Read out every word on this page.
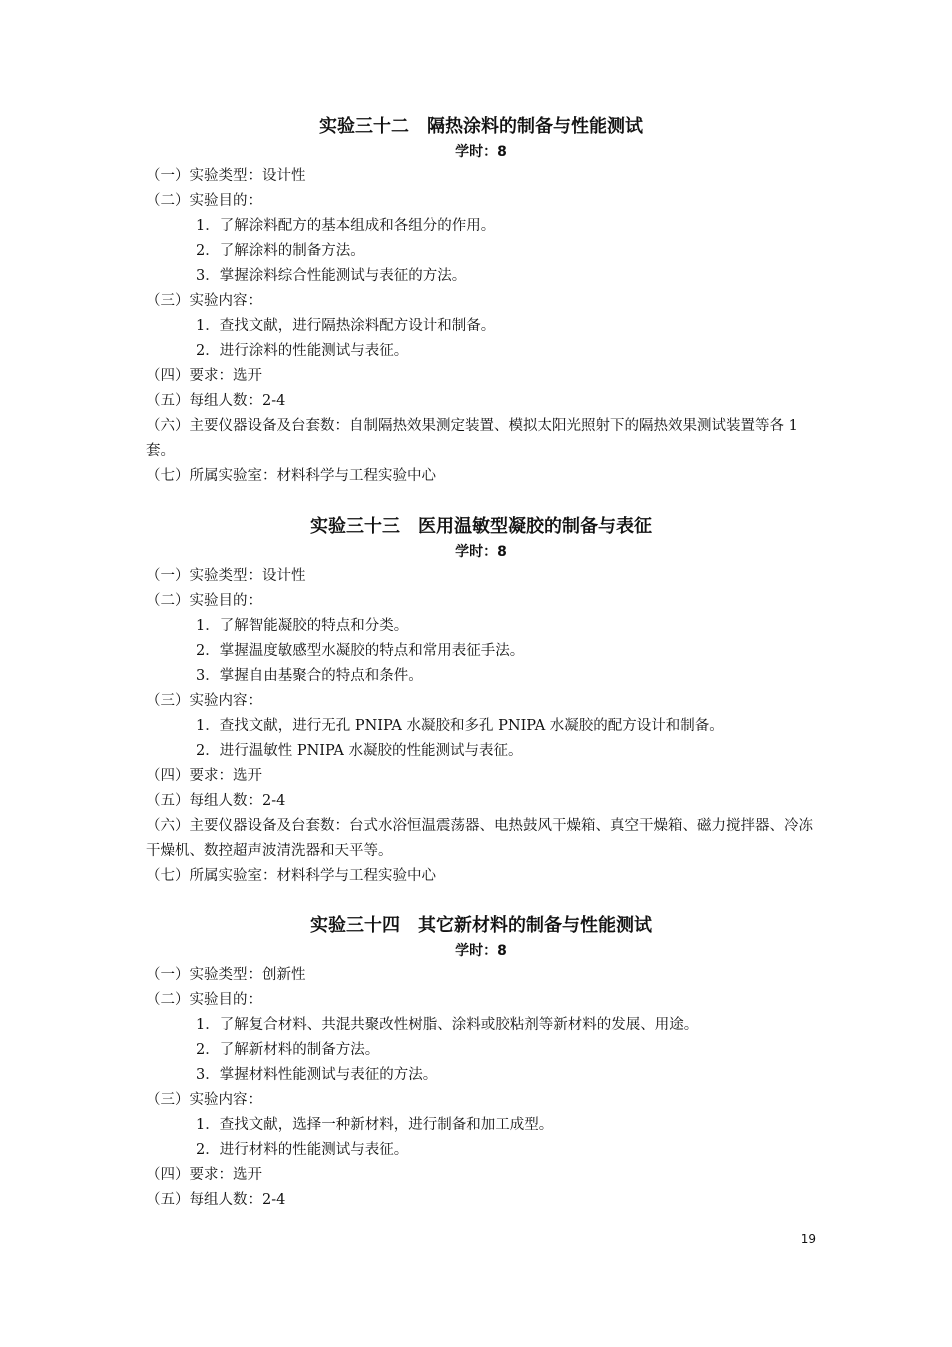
实验三十二　隔热涂料的制备与性能测试
学时：8
（一）实验类型：设计性
（二）实验目的：
1．了解涂料配方的基本组成和各组分的作用。
2．了解涂料的制备方法。
3．掌握涂料综合性能测试与表征的方法。
（三）实验内容：
1．查找文献，进行隔热涂料配方设计和制备。
2．进行涂料的性能测试与表征。
（四）要求：选开
（五）每组人数：2-4
（六）主要仪器设备及台套数：自制隔热效果测定装置、模拟太阳光照射下的隔热效果测试装置等各 1 套。
（七）所属实验室：材料科学与工程实验中心
实验三十三　医用温敏型凝胶的制备与表征
学时：8
（一）实验类型：设计性
（二）实验目的：
1．了解智能凝胶的特点和分类。
2．掌握温度敏感型水凝胶的特点和常用表征手法。
3．掌握自由基聚合的特点和条件。
（三）实验内容：
1．查找文献，进行无孔 PNIPA 水凝胶和多孔 PNIPA 水凝胶的配方设计和制备。
2．进行温敏性 PNIPA 水凝胶的性能测试与表征。
（四）要求：选开
（五）每组人数：2-4
（六）主要仪器设备及台套数：台式水浴恒温震荡器、电热鼓风干燥箱、真空干燥箱、磁力搅拌器、冷冻干燥机、数控超声波清洗器和天平等。
（七）所属实验室：材料科学与工程实验中心
实验三十四　其它新材料的制备与性能测试
学时：8
（一）实验类型：创新性
（二）实验目的：
1．了解复合材料、共混共聚改性树脂、涂料或胶粘剂等新材料的发展、用途。
2．了解新材料的制备方法。
3．掌握材料性能测试与表征的方法。
（三）实验内容：
1．查找文献，选择一种新材料，进行制备和加工成型。
2．进行材料的性能测试与表征。
（四）要求：选开
（五）每组人数：2-4
19
